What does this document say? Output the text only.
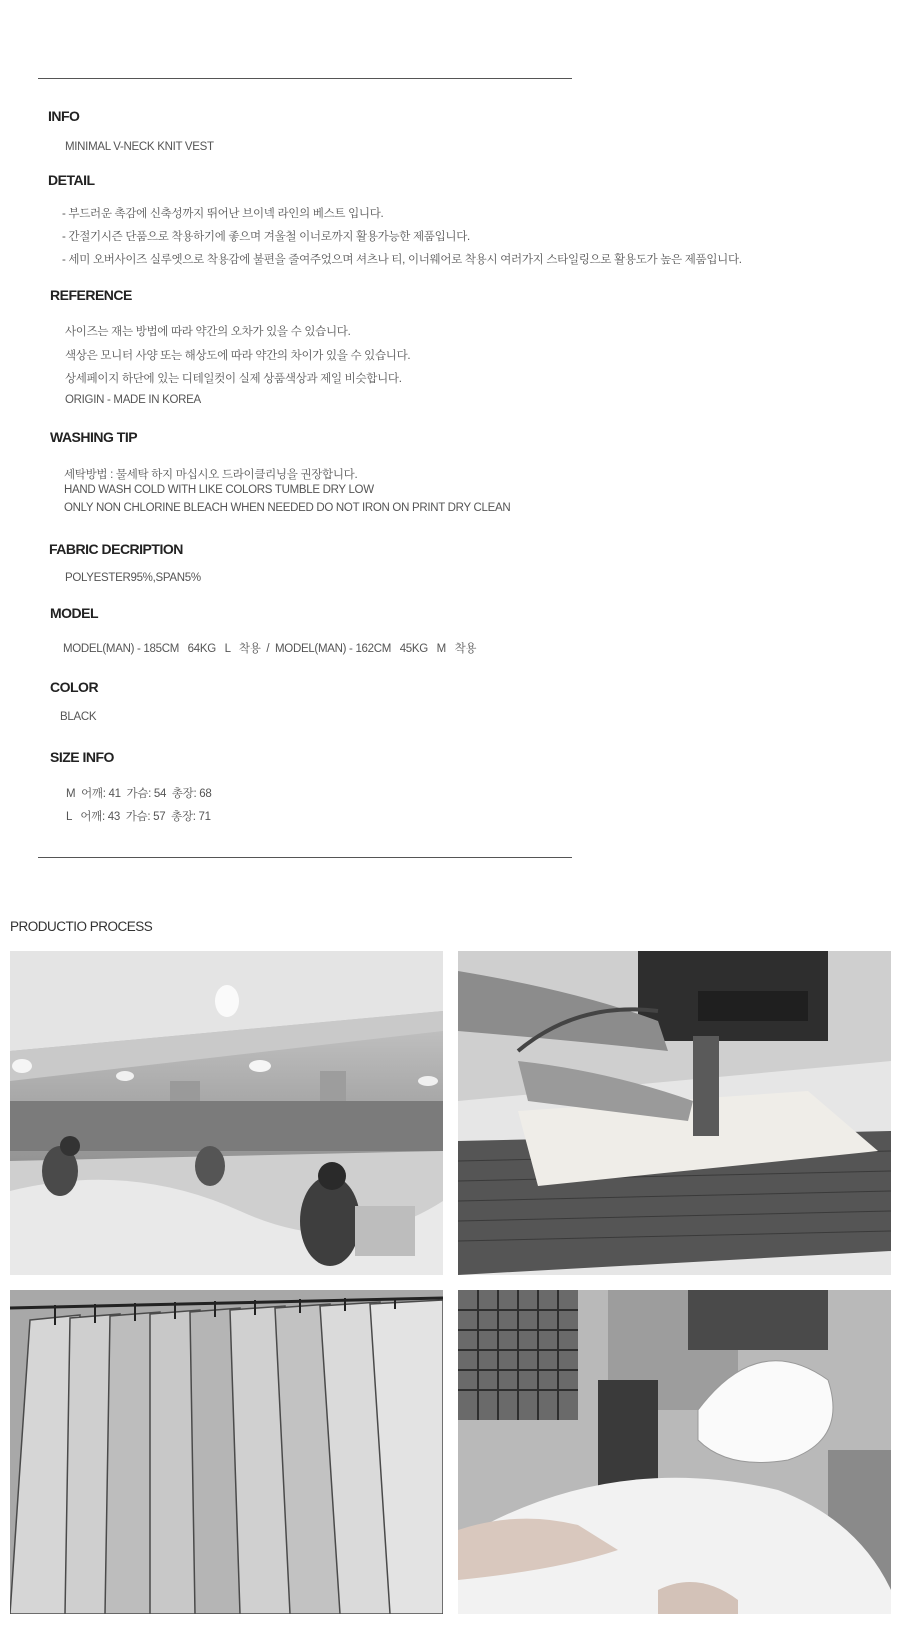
INFO
MINIMAL V-NECK KNIT VEST
DETAIL
- 부드러운 촉감에 신축성까지 뛰어난 브이넥 라인의 베스트 입니다.
- 간절기시즌 단품으로 착용하기에 좋으며 겨울철 이너로까지 활용가능한 제품입니다.
- 세미 오버사이즈 실루엣으로 착용감에 불편을 줄여주었으며 셔츠나 티, 이너웨어로 착용시 여러가지 스타일링으로 활용도가 높은 제품입니다.
REFERENCE
사이즈는 재는 방법에 따라 약간의 오차가 있을 수 있습니다.
색상은 모니터 사양 또는 해상도에 따라 약간의 차이가 있을 수 있습니다.
상세페이지 하단에 있는 디테일컷이 실제 상품색상과 제일 비슷합니다.
ORIGIN - MADE IN KOREA
WASHING TIP
세탁방법 : 물세탁 하지 마십시오 드라이클리닝을 권장합니다.
HAND WASH COLD WITH LIKE COLORS TUMBLE DRY LOW
ONLY NON CHLORINE BLEACH WHEN NEEDED DO NOT IRON ON PRINT DRY CLEAN
FABRIC DECRIPTION
POLYESTER95%,SPAN5%
MODEL
MODEL(MAN) - 185CM   64KG   L   착용  /  MODEL(MAN) - 162CM   45KG   M   착용
COLOR
BLACK
SIZE INFO
M  어깨: 41  가슴: 54  총장: 68
L   어깨: 43  가슴: 57  총장: 71
PRODUCTIO PROCESS
